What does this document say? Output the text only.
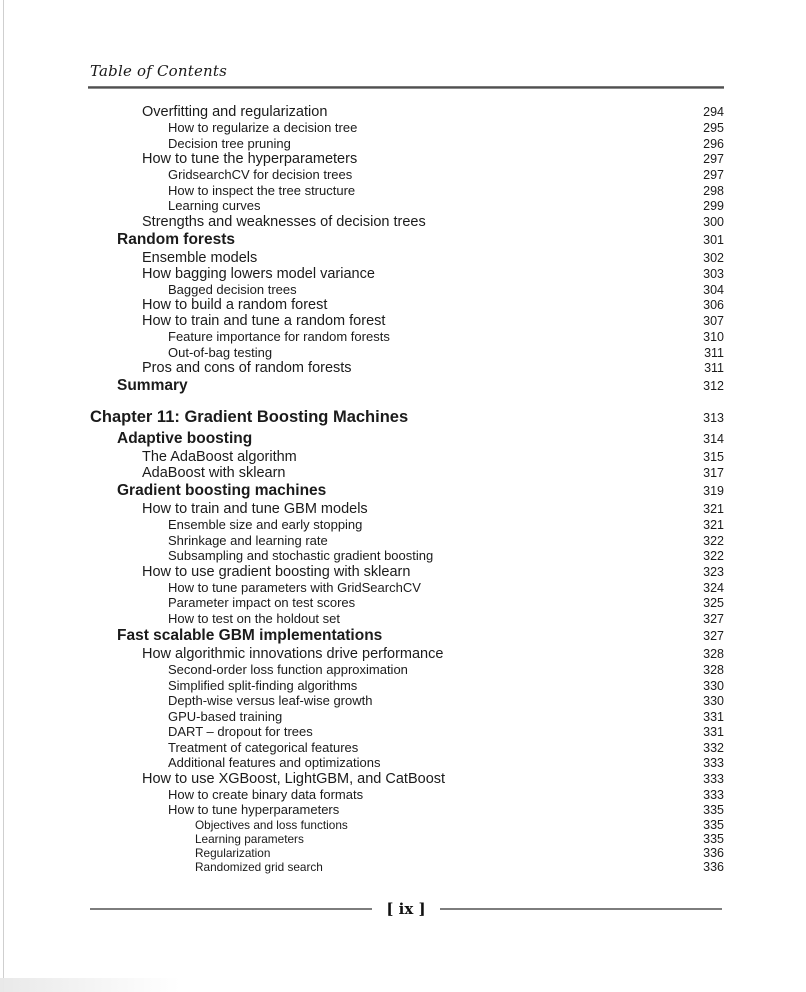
Table of Contents
Overfitting and regularization	294
How to regularize a decision tree	295
Decision tree pruning	296
How to tune the hyperparameters	297
GridsearchCV for decision trees	297
How to inspect the tree structure	298
Learning curves	299
Strengths and weaknesses of decision trees	300
Random forests	301
Ensemble models	302
How bagging lowers model variance	303
Bagged decision trees	304
How to build a random forest	306
How to train and tune a random forest	307
Feature importance for random forests	310
Out-of-bag testing	311
Pros and cons of random forests	311
Summary	312
Chapter 11: Gradient Boosting Machines	313
Adaptive boosting	314
The AdaBoost algorithm	315
AdaBoost with sklearn	317
Gradient boosting machines	319
How to train and tune GBM models	321
Ensemble size and early stopping	321
Shrinkage and learning rate	322
Subsampling and stochastic gradient boosting	322
How to use gradient boosting with sklearn	323
How to tune parameters with GridSearchCV	324
Parameter impact on test scores	325
How to test on the holdout set	327
Fast scalable GBM implementations	327
How algorithmic innovations drive performance	328
Second-order loss function approximation	328
Simplified split-finding algorithms	330
Depth-wise versus leaf-wise growth	330
GPU-based training	331
DART – dropout for trees	331
Treatment of categorical features	332
Additional features and optimizations	333
How to use XGBoost, LightGBM, and CatBoost	333
How to create binary data formats	333
How to tune hyperparameters	335
Objectives and loss functions	335
Learning parameters	335
Regularization	336
Randomized grid search	336
[ ix ]
